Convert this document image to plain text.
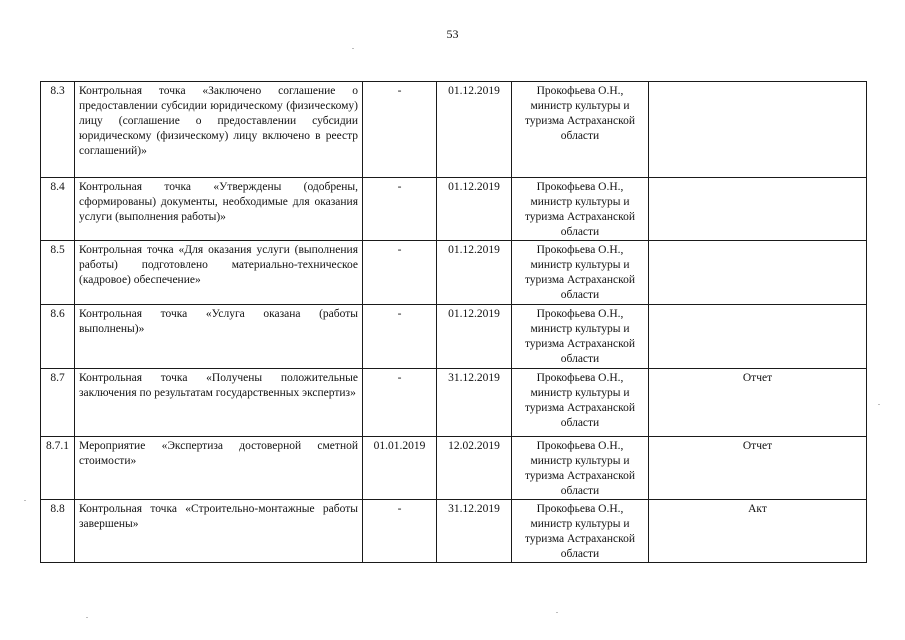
53
8.3	Контрольная точка «Заключено соглашение о предоставлении субсидии юридическому (физическому) лицу (соглашение о предоставлении субсидии юридическому (физическому) лицу включено в реестр соглашений)»	-	01.12.2019	Прокофьева О.Н., министр культуры и туризма Астраханской области	
8.4	Контрольная точка «Утверждены (одобрены, сформированы) документы, необходимые для оказания услуги (выполнения работы)»	-	01.12.2019	Прокофьева О.Н., министр культуры и туризма Астраханской области	
8.5	Контрольная точка «Для оказания услуги (выполнения работы) подготовлено материально-техническое (кадровое) обеспечение»	-	01.12.2019	Прокофьева О.Н., министр культуры и туризма Астраханской области	
8.6	Контрольная точка «Услуга оказана (работы выполнены)»	-	01.12.2019	Прокофьева О.Н., министр культуры и туризма Астраханской области	
8.7	Контрольная точка «Получены положительные заключения по результатам государственных экспертиз»	-	31.12.2019	Прокофьева О.Н., министр культуры и туризма Астраханской области	Отчет
8.7.1	Мероприятие «Экспертиза достоверной сметной стоимости»	01.01.2019	12.02.2019	Прокофьева О.Н., министр культуры и туризма Астраханской области	Отчет
8.8	Контрольная точка «Строительно-монтажные работы завершены»	-	31.12.2019	Прокофьева О.Н., министр культуры и туризма Астраханской области	Акт
